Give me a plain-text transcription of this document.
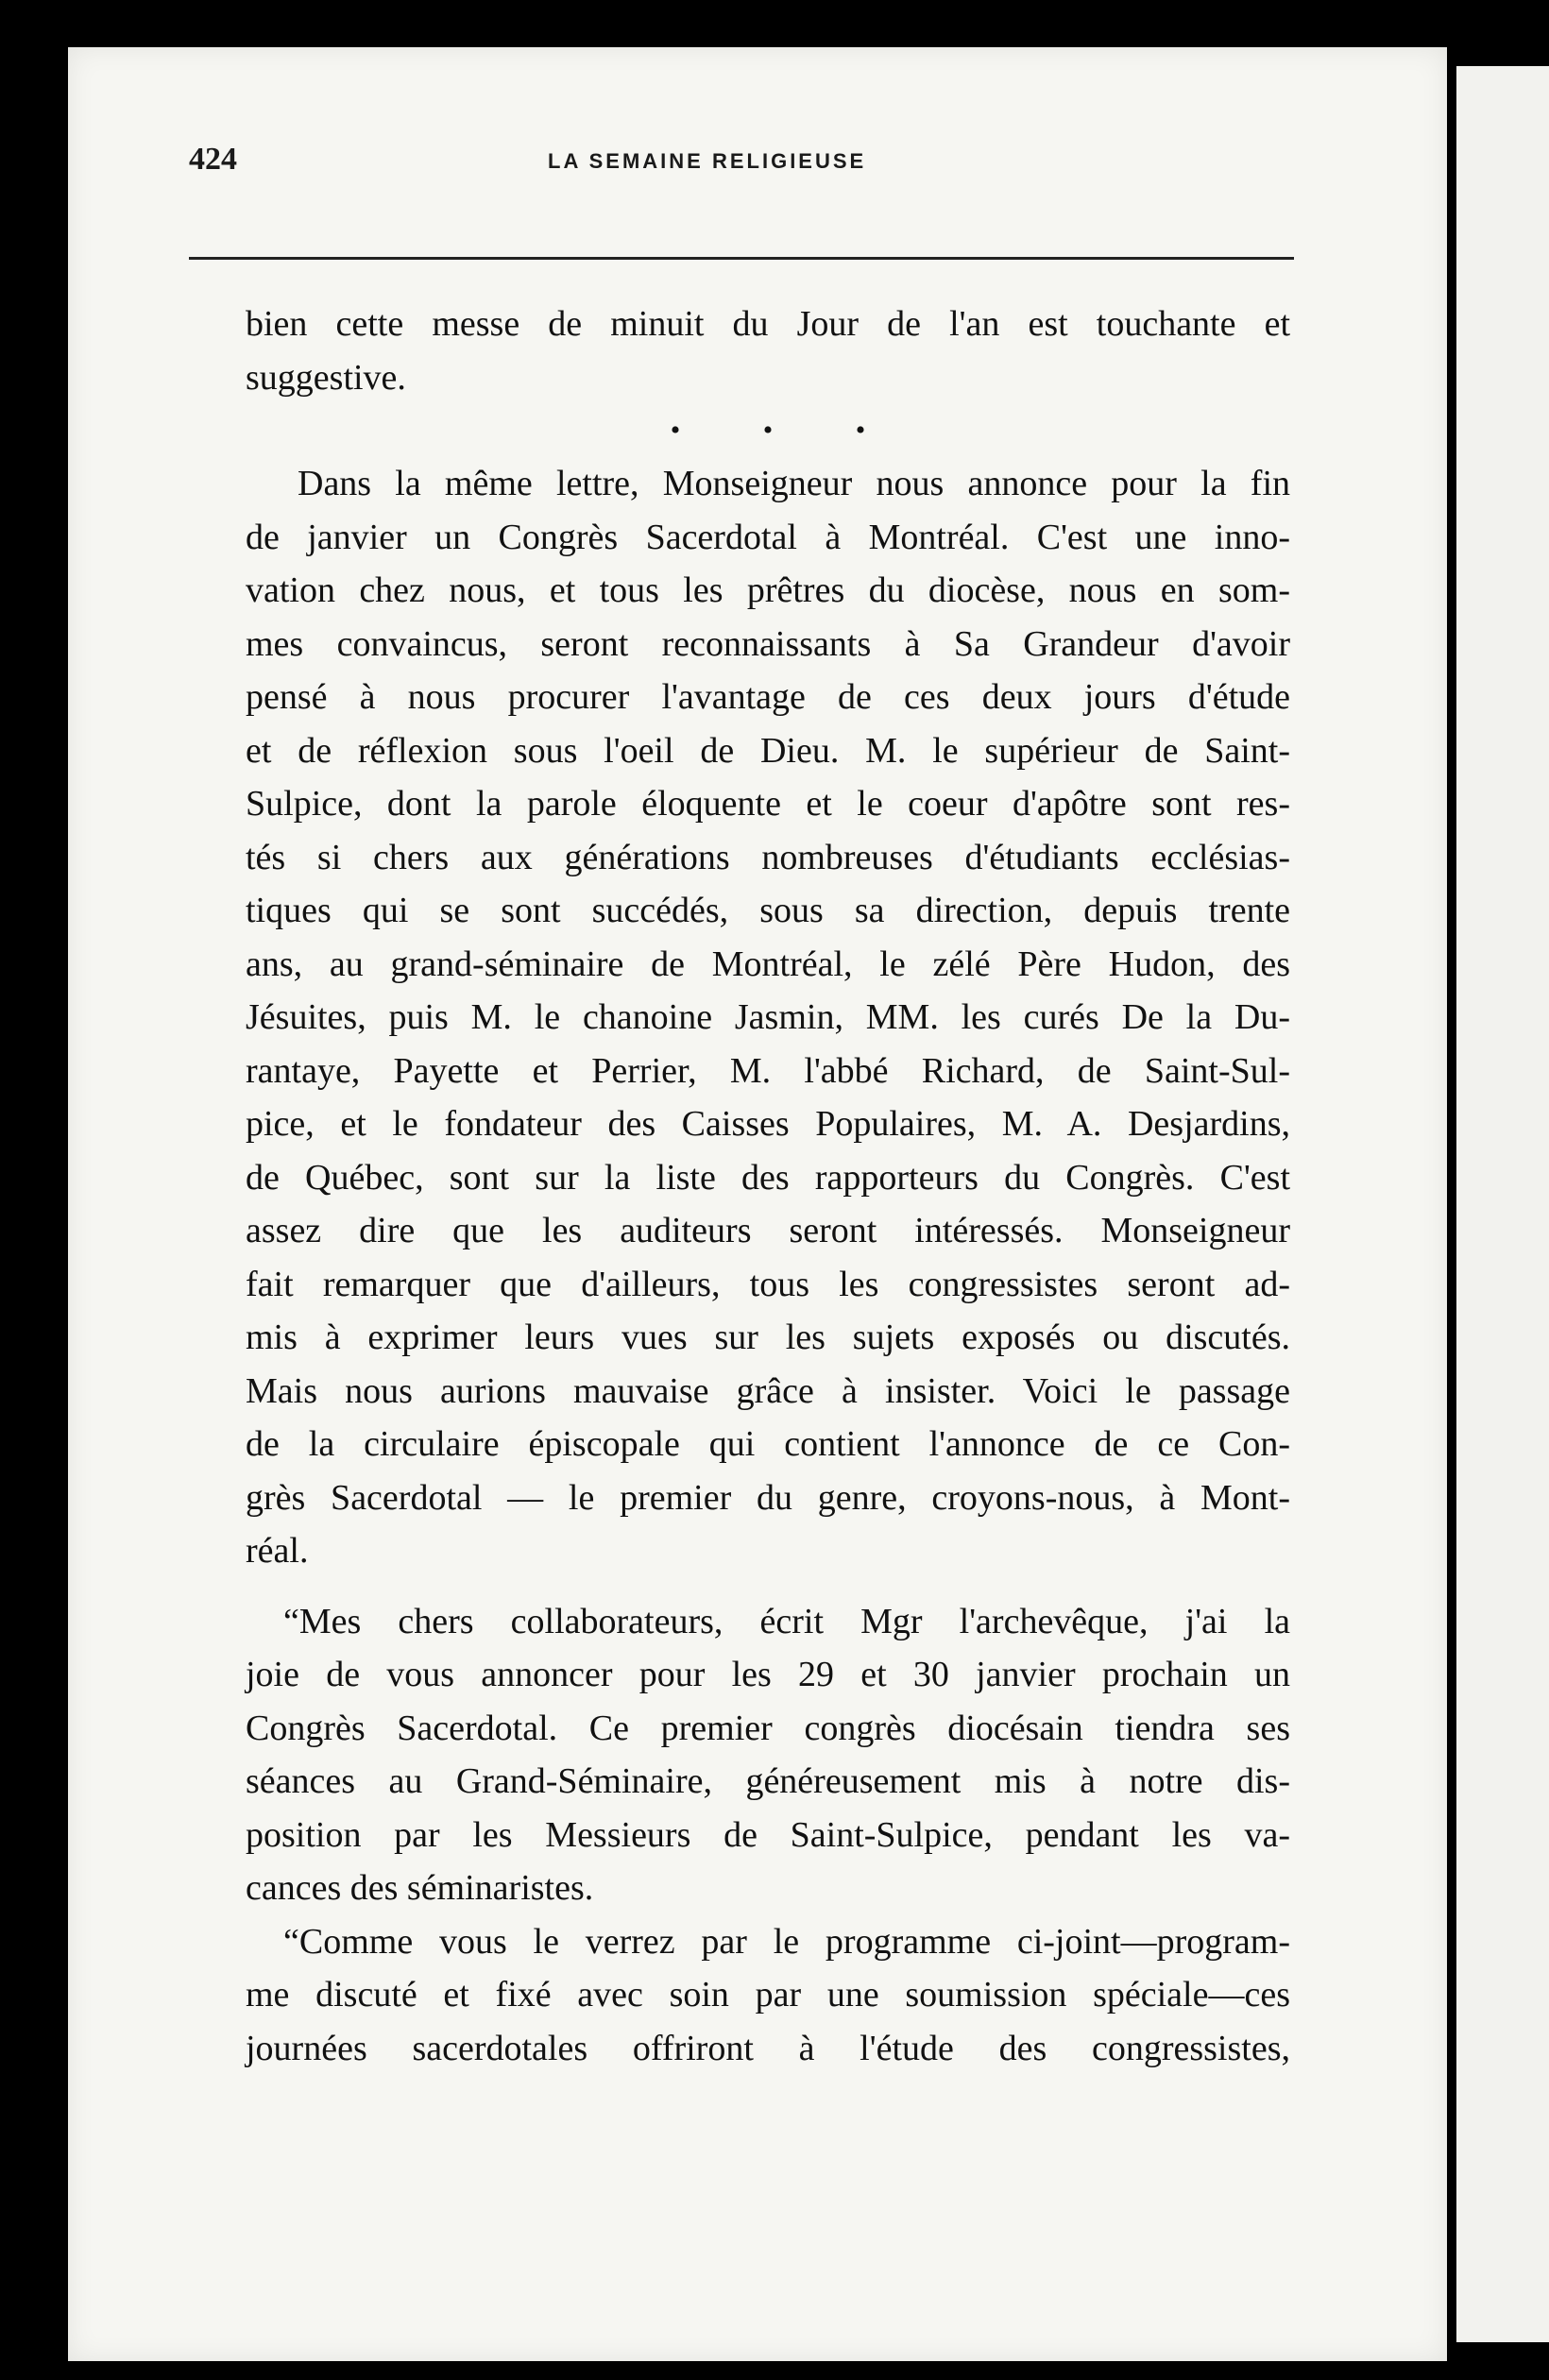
424	LA SEMAINE RELIGIEUSE
bien cette messe de minuit du Jour de l'an est touchante et
suggestive.
• • •
Dans la même lettre, Monseigneur nous annonce pour la fin
de janvier un Congrès Sacerdotal à Montréal. C'est une inno-
vation chez nous, et tous les prêtres du diocèse, nous en som-
mes convaincus, seront reconnaissants à Sa Grandeur d'avoir
pensé à nous procurer l'avantage de ces deux jours d'étude
et de réflexion sous l'oeil de Dieu. M. le supérieur de Saint-
Sulpice, dont la parole éloquente et le coeur d'apôtre sont res-
tés si chers aux générations nombreuses d'étudiants ecclésias-
tiques qui se sont succédés, sous sa direction, depuis trente
ans, au grand-séminaire de Montréal, le zélé Père Hudon, des
Jésuites, puis M. le chanoine Jasmin, MM. les curés De la Du-
rantaye, Payette et Perrier, M. l'abbé Richard, de Saint-Sul-
pice, et le fondateur des Caisses Populaires, M. A. Desjardins,
de Québec, sont sur la liste des rapporteurs du Congrès. C'est
assez dire que les auditeurs seront intéressés. Monseigneur
fait remarquer que d'ailleurs, tous les congressistes seront ad-
mis à exprimer leurs vues sur les sujets exposés ou discutés.
Mais nous aurions mauvaise grâce à insister. Voici le passage
de la circulaire épiscopale qui contient l'annonce de ce Con-
grès Sacerdotal — le premier du genre, croyons-nous, à Mont-
réal.
“Mes chers collaborateurs, écrit Mgr l'archevêque, j'ai la
joie de vous annoncer pour les 29 et 30 janvier prochain un
Congrès Sacerdotal. Ce premier congrès diocésain tiendra ses
séances au Grand-Séminaire, généreusement mis à notre dis-
position par les Messieurs de Saint-Sulpice, pendant les va-
cances des séminaristes.
“Comme vous le verrez par le programme ci-joint—program-
me discuté et fixé avec soin par une soumission spéciale—ces
journées sacerdotales offriront à l'étude des congressistes,
